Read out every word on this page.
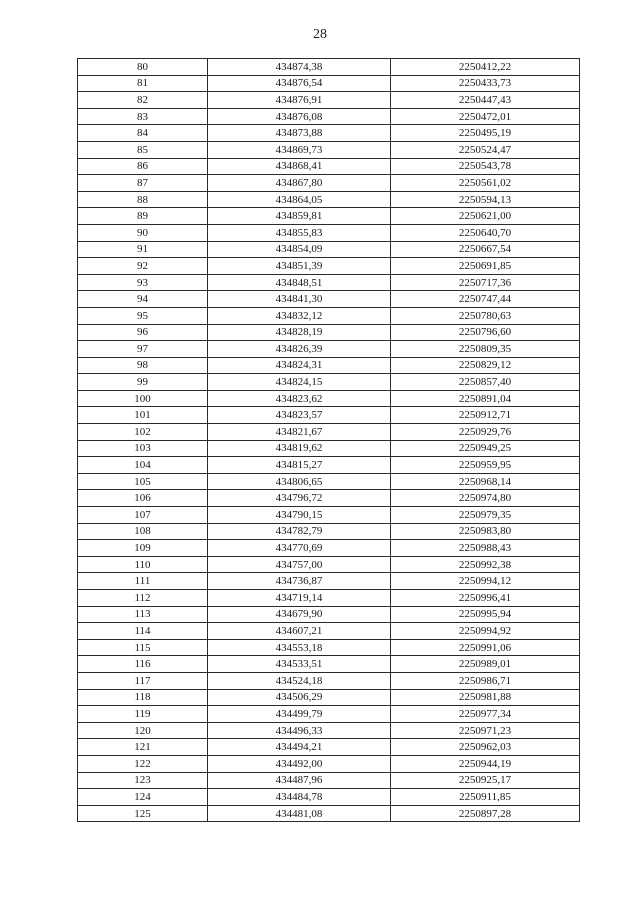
28
80	434874,38	2250412,22
81	434876,54	2250433,73
82	434876,91	2250447,43
83	434876,08	2250472,01
84	434873,88	2250495,19
85	434869,73	2250524,47
86	434868,41	2250543,78
87	434867,80	2250561,02
88	434864,05	2250594,13
89	434859,81	2250621,00
90	434855,83	2250640,70
91	434854,09	2250667,54
92	434851,39	2250691,85
93	434848,51	2250717,36
94	434841,30	2250747,44
95	434832,12	2250780,63
96	434828,19	2250796,60
97	434826,39	2250809,35
98	434824,31	2250829,12
99	434824,15	2250857,40
100	434823,62	2250891,04
101	434823,57	2250912,71
102	434821,67	2250929,76
103	434819,62	2250949,25
104	434815,27	2250959,95
105	434806,65	2250968,14
106	434796,72	2250974,80
107	434790,15	2250979,35
108	434782,79	2250983,80
109	434770,69	2250988,43
110	434757,00	2250992,38
111	434736,87	2250994,12
112	434719,14	2250996,41
113	434679,90	2250995,94
114	434607,21	2250994,92
115	434553,18	2250991,06
116	434533,51	2250989,01
117	434524,18	2250986,71
118	434506,29	2250981,88
119	434499,79	2250977,34
120	434496,33	2250971,23
121	434494,21	2250962,03
122	434492,00	2250944,19
123	434487,96	2250925,17
124	434484,78	2250911,85
125	434481,08	2250897,28
